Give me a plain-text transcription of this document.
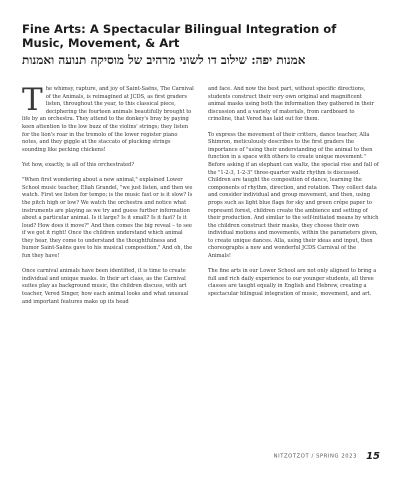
Fine Arts: A Spectacular Bilingual Integration of Music, Movement, & Art
אמנות יפה: שילוב דו לשוני מרהיב של מוסיקה תנועה ואמנות

The whimsy, rapture, and joy of Saint-Saëns, The Carnival of the Animals, is reimagined at JCDS, as first graders listen, throughout the year, to this classical piece, deciphering the fourteen animals beautifully brought to life by an orchestra. They attend to the donkey's bray by paying keen attention to the low buzz of the violins' strings; they listen for the lion's roar in the tremolo of the lower register piano notes, and they giggle at the staccato of plucking strings sounding like pecking chickens!

Yet how, exactly, is all of this orchestrated?

"When first wondering about a new animal," explained Lower School music teacher, Eliah Grandel, "we just listen, and then we watch. First we listen for tempo; is the music fast or is it slow? Is the pitch high or low? We watch the orchestra and notice what instruments are playing as we try and guess further information about a particular animal. Is it large? Is it small? Is it fast? Is it loud? How does it move?" And then comes the big reveal – to see if we got it right! Once the children understand which animal they hear, they come to understand the thoughtfulness and humor Saint-Saëns gave to his musical composition." And oh, the fun they have!

Once carnival animals have been identified, it is time to create individual and unique masks. In their art class, as the Carnival suites play as background music, the children discuss, with art teacher, Vered Singer, how each animal looks and what unusual and important features make up its head

and face. And now the best part, without specific directions, students construct their very own original and magnificent animal masks using both the information they gathered in their discussion and a variety of materials, from cardboard to crinoline, that Vered has laid out for them.

To express the movement of their critters, dance teacher, Alla Shimron, meticulously describes to the first graders the importance of "using their understanding of the animal to then function in a space with others to create unique movement." Before asking if an elephant can waltz, the special rise and fall of the "1-2-3, 1-2-3" three-quarter waltz rhythm is discussed. Children are taught the composition of dance, learning the components of rhythm, direction, and rotation. They collect data and consider individual and group movement, and then, using props such as light blue flags for sky and green crêpe paper to represent forest, children create the ambience and setting of their production. And similar to the self-initiated means by which the children construct their masks, they choose their own individual motions and movements, within the parameters given, to create unique dances. Alla, using their ideas and input, then choreographs a new and wonderful JCDS Carnival of the Animals!

The fine arts in our Lower School are not only aligned to bring a full and rich daily experience to our younger students, all three classes are taught equally in English and Hebrew, creating a spectacular bilingual integration of music, movement, and art.

NITZOTZOT / SPRING 2023 15
